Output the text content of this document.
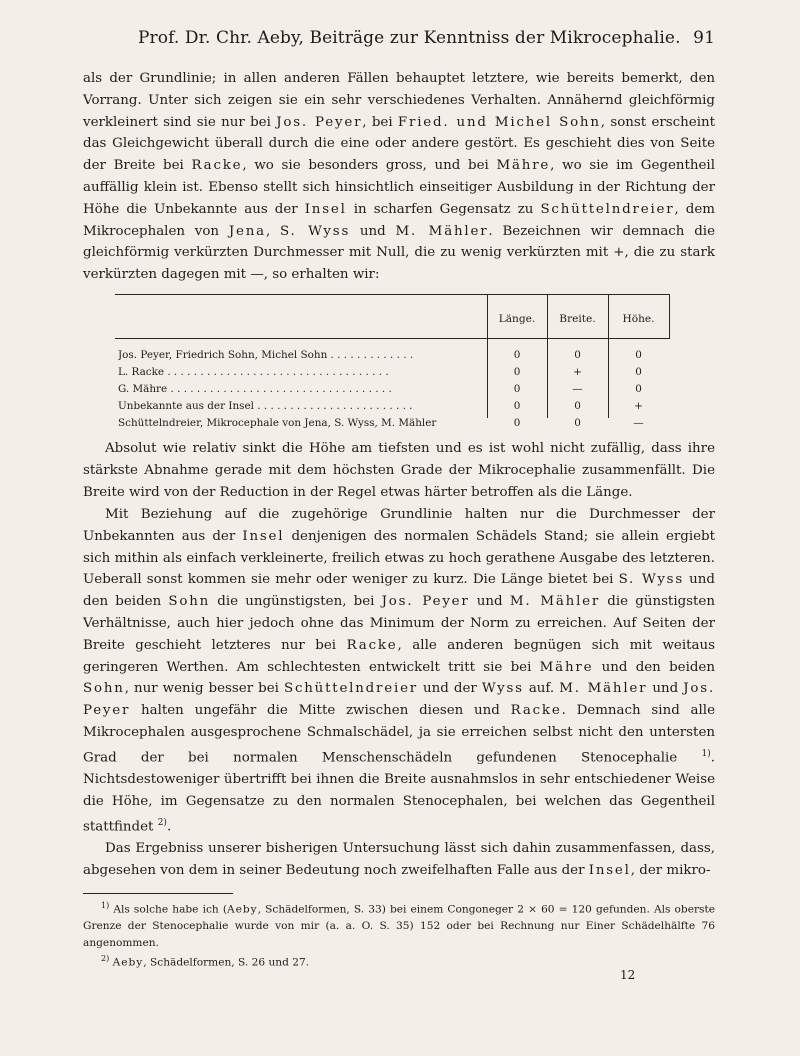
Prof. Dr. Chr. Aeby, Beiträge zur Kenntniss der Mikrocephalie. 91

als der Grundlinie; in allen anderen Fällen behauptet letztere, wie bereits bemerkt, den Vorrang. Unter sich zeigen sie ein sehr verschiedenes Verhalten. Annähernd gleichförmig verkleinert sind sie nur bei Jos. Peyer, bei Fried. und Michel Sohn, sonst erscheint das Gleichgewicht überall durch die eine oder andere gestört. Es geschieht dies von Seite der Breite bei Racke, wo sie besonders gross, und bei Mähre, wo sie im Gegentheil auffällig klein ist. Ebenso stellt sich hinsichtlich einseitiger Ausbildung in der Richtung der Höhe die Unbekannte aus der Insel in scharfen Gegensatz zu Schüttelndreier, dem Mikrocephalen von Jena, S. Wyss und M. Mähler. Bezeichnen wir demnach die gleichförmig verkürzten Durchmesser mit Null, die zu wenig verkürzten mit +, die zu stark verkürzten dagegen mit —, so erhalten wir:

Länge.	Breite.	Höhe.
Jos. Peyer, Friedrich Sohn, Michel Sohn . . . . . . . . . . . . .	0	0	0
L. Racke . . . . . . . . . . . . . . . . . . . . . . . . . . . . . . . . . .	0	+	0
G. Mähre . . . . . . . . . . . . . . . . . . . . . . . . . . . . . . . . . .	0	—	0
Unbekannte aus der Insel . . . . . . . . . . . . . . . . . . . . . . . .	0	0	+
Schüttelndreier, Mikrocephale von Jena, S. Wyss, M. Mähler	0	0	—

Absolut wie relativ sinkt die Höhe am tiefsten und es ist wohl nicht zufällig, dass ihre stärkste Abnahme gerade mit dem höchsten Grade der Mikrocephalie zusammenfällt. Die Breite wird von der Reduction in der Regel etwas härter betroffen als die Länge.

Mit Beziehung auf die zugehörige Grundlinie halten nur die Durchmesser der Unbekannten aus der Insel denjenigen des normalen Schädels Stand; sie allein ergiebt sich mithin als einfach verkleinerte, freilich etwas zu hoch gerathene Ausgabe des letzteren. Ueberall sonst kommen sie mehr oder weniger zu kurz. Die Länge bietet bei S. Wyss und den beiden Sohn die ungünstigsten, bei Jos. Peyer und M. Mähler die günstigsten Verhältnisse, auch hier jedoch ohne das Minimum der Norm zu erreichen. Auf Seiten der Breite geschieht letzteres nur bei Racke, alle anderen begnügen sich mit weitaus geringeren Werthen. Am schlechtesten entwickelt tritt sie bei Mähre und den beiden Sohn, nur wenig besser bei Schüttelndreier und der Wyss auf. M. Mähler und Jos. Peyer halten ungefähr die Mitte zwischen diesen und Racke. Demnach sind alle Mikrocephalen ausgesprochene Schmalschädel, ja sie erreichen selbst nicht den untersten Grad der bei normalen Menschenschädeln gefundenen Stenocephalie $^{1)}$. Nichtsdestoweniger übertrifft bei ihnen die Breite ausnahmslos in sehr entschiedener Weise die Höhe, im Gegensatze zu den normalen Stenocephalen, bei welchen das Gegentheil stattfindet $^{2)}$.

Das Ergebniss unserer bisherigen Untersuchung lässt sich dahin zusammenfassen, dass, abgesehen von dem in seiner Bedeutung noch zweifelhaften Falle aus der Insel, der mikro-

$^{1)}$ Als solche habe ich (Aeby, Schädelformen, S. 33) bei einem Congoneger 2 × 60 = 120 gefunden. Als oberste Grenze der Stenocephalie wurde von mir (a. a. O. S. 35) 152 oder bei Rechnung nur Einer Schädelhälfte 76 angenommen.

$^{2)}$ Aeby, Schädelformen, S. 26 und 27.

12
